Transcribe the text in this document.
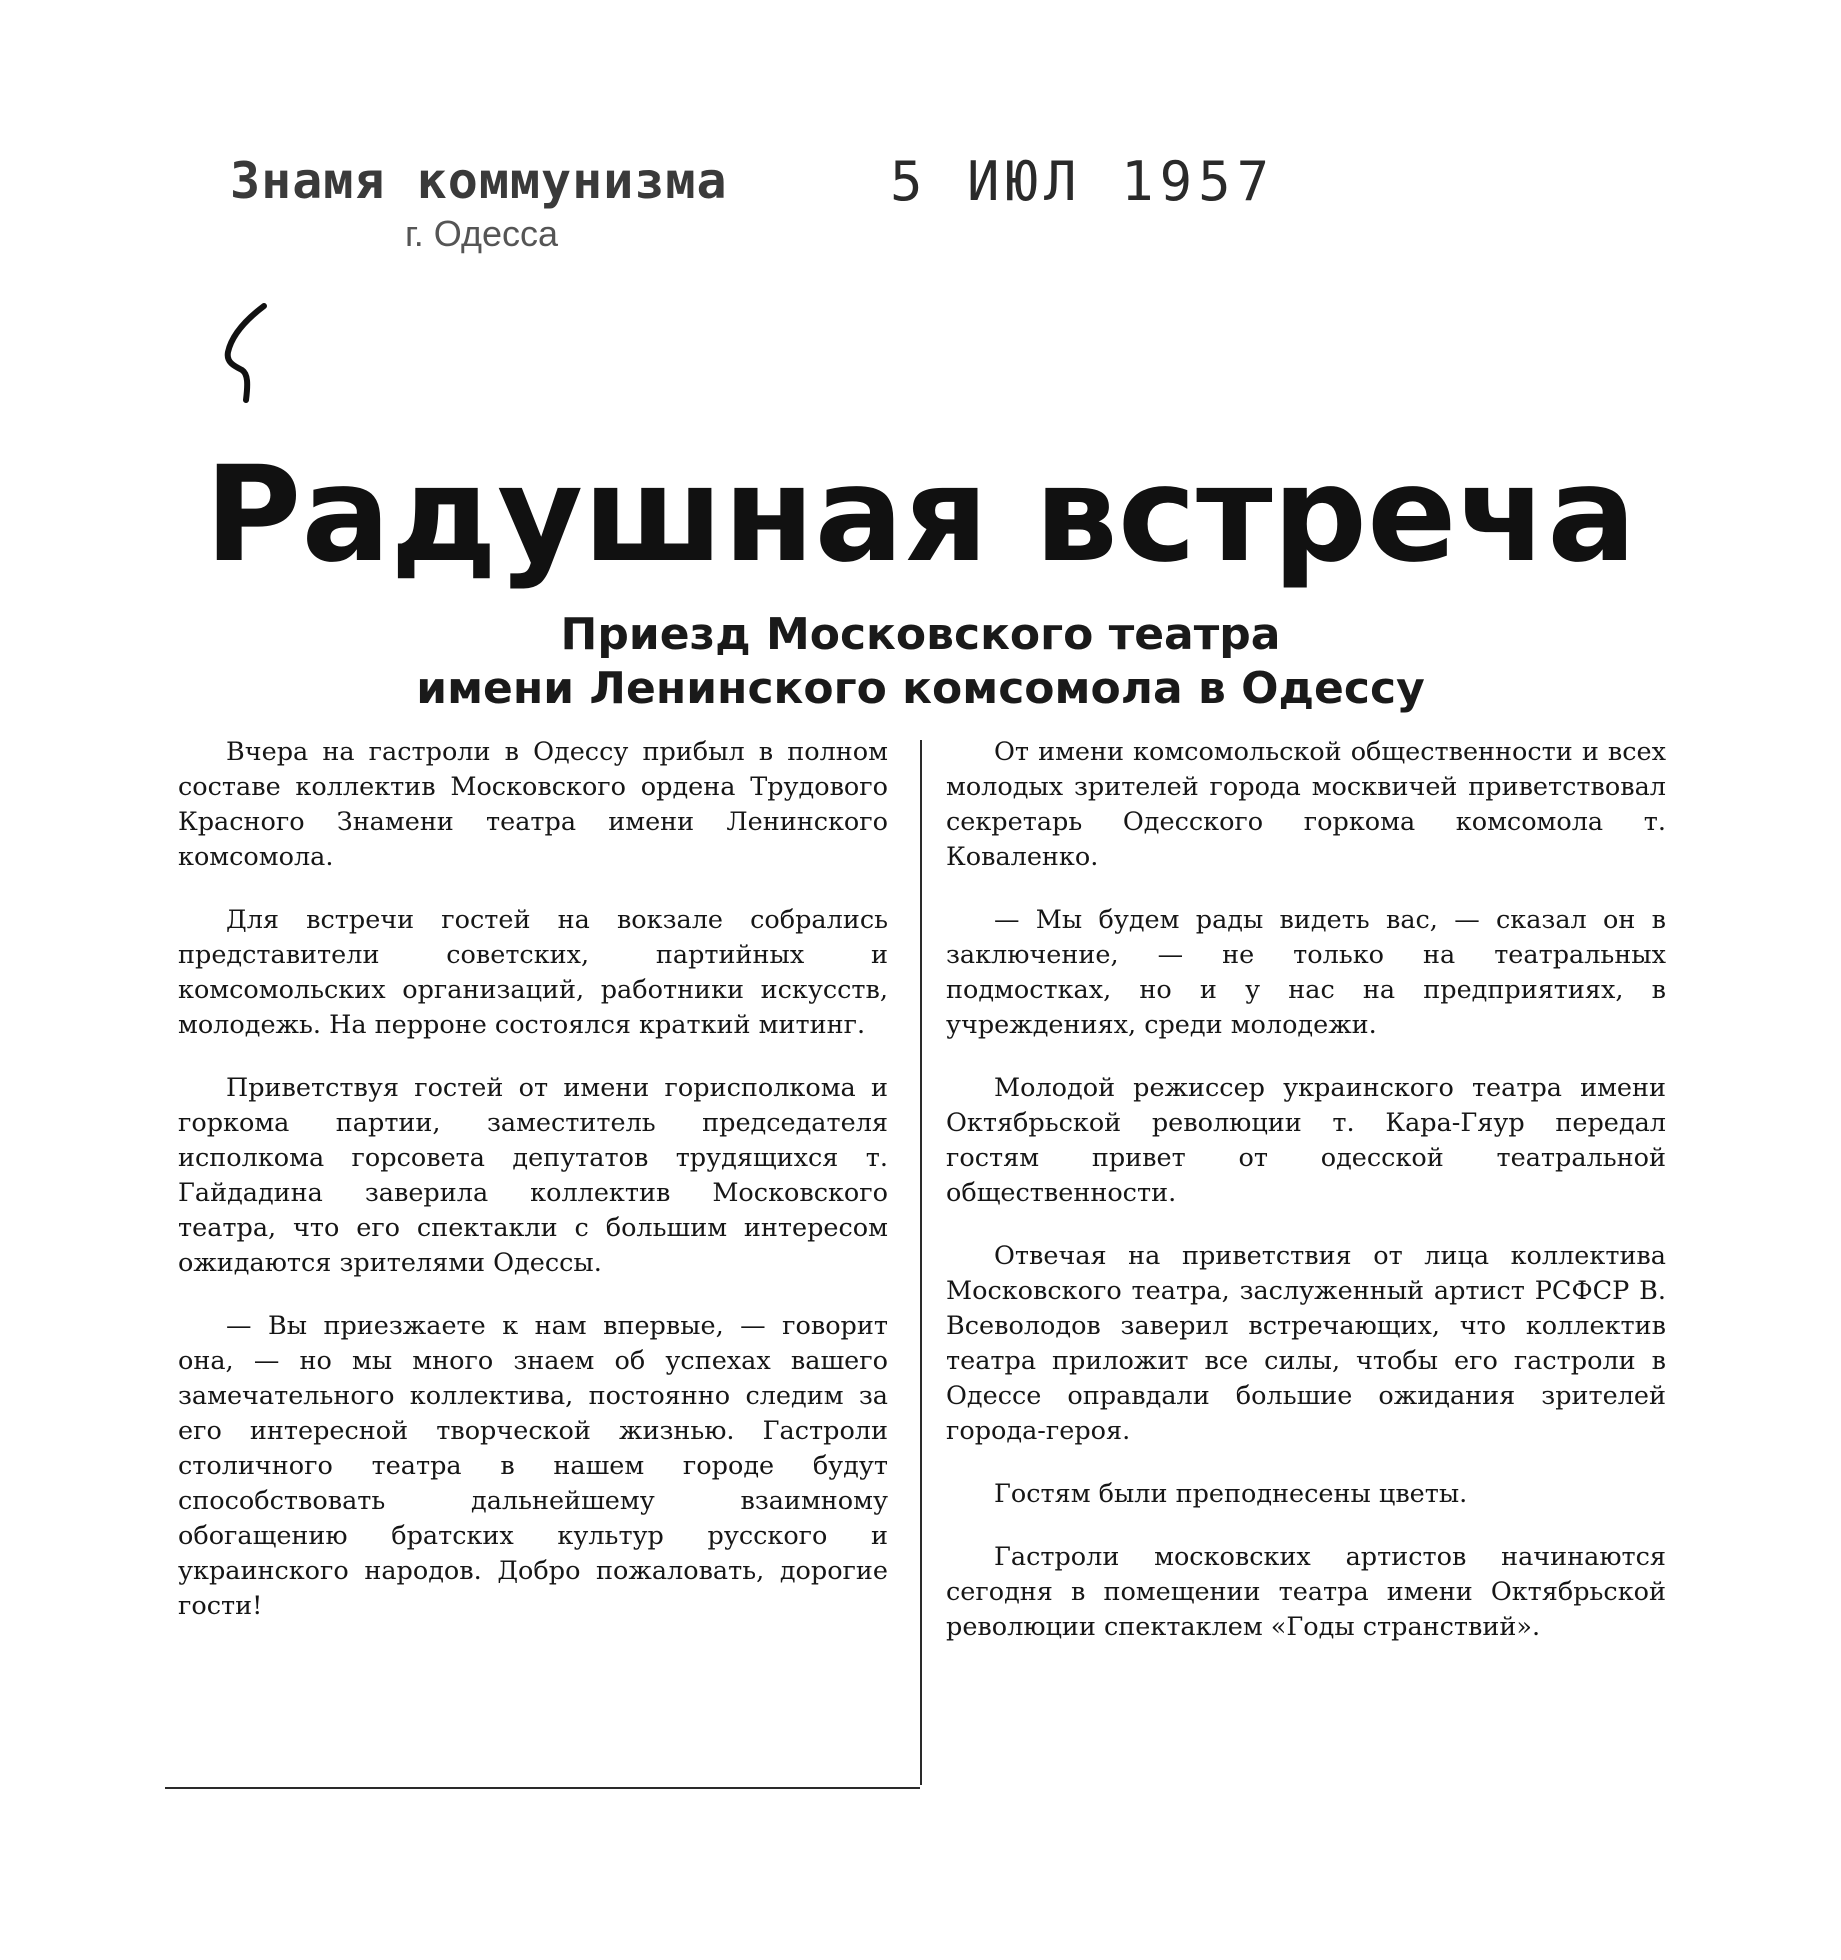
Знамя коммунизма
г. Одесса
5 ИЮЛ 1957
Радушная встреча
Приезд Московского театра
имени Ленинского комсомола в Одессу

Вчера на гастроли в Одессу прибыл в полном составе коллектив Московского ордена Трудового Красного Знамени театра имени Ленинского комсомола.

Для встречи гостей на вокзале собрались представители советских, партийных и комсомольских организаций, работники искусств, молодежь. На перроне состоялся краткий митинг.

Приветствуя гостей от имени горисполкома и горкома партии, заместитель председателя исполкома горсовета депутатов трудящихся т. Гайдадина заверила коллектив Московского театра, что его спектакли с большим интересом ожидаются зрителями Одессы.

— Вы приезжаете к нам впервые, — говорит она, — но мы много знаем об успехах вашего замечательного коллектива, постоянно следим за его интересной творческой жизнью. Гастроли столичного театра в нашем городе будут способствовать дальнейшему взаимному обогащению братских культур русского и украинского народов. Добро пожаловать, дорогие гости!

От имени комсомольской общественности и всех молодых зрителей города москвичей приветствовал секретарь Одесского горкома комсомола т. Коваленко.

— Мы будем рады видеть вас, — сказал он в заключение, — не только на театральных подмостках, но и у нас на предприятиях, в учреждениях, среди молодежи.

Молодой режиссер украинского театра имени Октябрьской революции т. Кара-Гяур передал гостям привет от одесской театральной общественности.

Отвечая на приветствия от лица коллектива Московского театра, заслуженный артист РСФСР В. Всеволодов заверил встречающих, что коллектив театра приложит все силы, чтобы его гастроли в Одессе оправдали большие ожидания зрителей города-героя.

Гостям были преподнесены цветы.

Гастроли московских артистов начинаются сегодня в помещении театра имени Октябрьской революции спектаклем «Годы странствий».
